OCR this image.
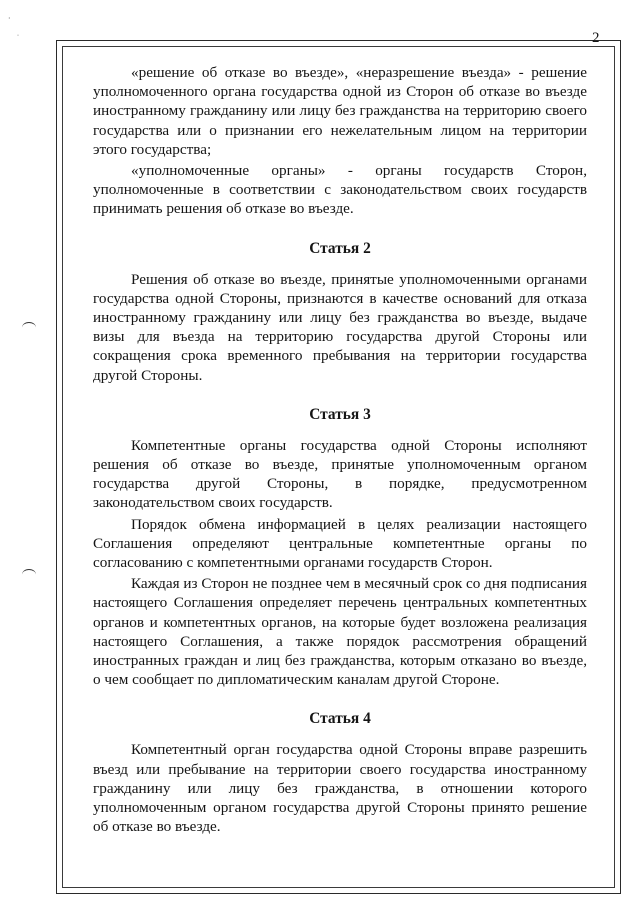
·
˙	2

«решение об отказе во въезде», «неразрешение въезда» - решение уполномоченного органа государства одной из Сторон об отказе во въезде иностранному гражданину или лицу без гражданства на территорию своего государства или о признании его нежелательным лицом на территории этого государства;

«уполномоченные органы» - органы государств Сторон, уполномоченные в соответствии с законодательством своих государств принимать решения об отказе во въезде.

Статья 2

Решения об отказе во въезде, принятые уполномоченными органами государства одной Стороны, признаются в качестве оснований для отказа иностранному гражданину или лицу без гражданства во въезде, выдаче визы для въезда на территорию государства другой Стороны или сокращения срока временного пребывания на территории государства другой Стороны.

Статья 3

Компетентные органы государства одной Стороны исполняют решения об отказе во въезде, принятые уполномоченным органом государства другой Стороны, в порядке, предусмотренном законодательством своих государств.

Порядок обмена информацией в целях реализации настоящего Соглашения определяют центральные компетентные органы по согласованию с компетентными органами государств Сторон.

Каждая из Сторон не позднее чем в месячный срок со дня подписания настоящего Соглашения определяет перечень центральных компетентных органов и компетентных органов, на которые будет возложена реализация настоящего Соглашения, а также порядок рассмотрения обращений иностранных граждан и лиц без гражданства, которым отказано во въезде, о чем сообщает по дипломатическим каналам другой Стороне.

Статья 4

Компетентный орган государства одной Стороны вправе разрешить въезд или пребывание на территории своего государства иностранному гражданину или лицу без гражданства, в отношении которого уполномоченным органом государства другой Стороны принято решение об отказе во въезде.
